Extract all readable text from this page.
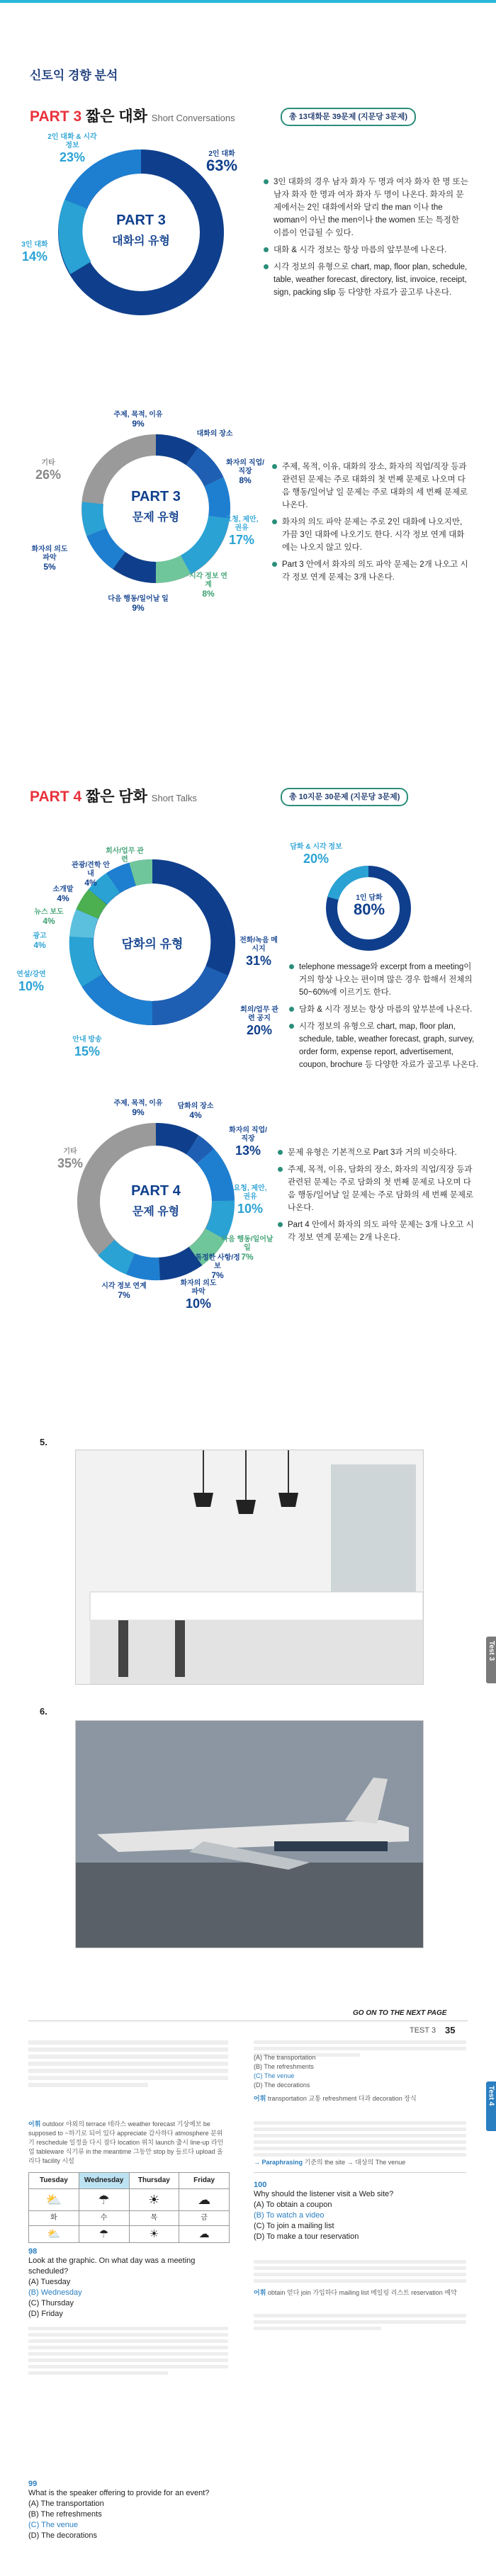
신토익 경향 분석
PART 3 짧은 대화 Short Conversations	총 13대화문 39문제 (지문당 3문제)
PART 3
대화의 유형
2인 대화
63%
2인 대화 & 시각 정보
23%
3인 대화
14%
3인 대화의 경우 남자 화자 두 명과 여자 화자 한 명 또는 남자 화자 한 명과 여자 화자 두 명이 나온다. 화자의 문제에서는 2인 대화에서와 달리 the man 이나 the woman이 아닌 the men이나 the women 또는 특정한 이름이 언급될 수 있다.
대화 & 시각 정보는 항상 마름의 앞부분에 나온다.
시각 정보의 유형으로 chart, map, floor plan, schedule, table, weather forecast, directory, list, invoice, receipt, sign, packing slip 등 다양한 자료가 골고루 나온다.
PART 3
문제 유형
주제, 목적, 이유
9%
대화의 장소
화자의 직업/직장
8%
요청, 제안, 권유
17%
화자의 의도 파악
5%
시각 정보 연계
8%
다음 행동/일어날 일
9%
기타
26%
주제, 목적, 이유, 대화의 장소, 화자의 직업/직장 등과 관련된 문제는 주로 대화의 첫 번째 문제로 나오며 다음 행동/일어날 일 문제는 주로 대화의 세 번째 문제로 나온다.
화자의 의도 파악 문제는 주로 2인 대화에 나오지만, 가끔 3인 대화에 나오기도 한다. 시각 정보 연계 대화에는 나오지 않고 있다.
Part 3 안에서 화자의 의도 파악 문제는 2개 나오고 시각 정보 연계 문제는 3개 나온다.
PART 4 짧은 담화 Short Talks	총 10지문 30문제 (지문당 3문제)
담화의 유형	전화/녹음 메시지
31%
회의/업무 관련 공지
20%
안내 방송
15%
연설/강연
10%
광고
4%
뉴스 보도
4%
소개말
4%
관광/견학 안내
4%
회사/업무 관련
담화 & 시각 정보
20%
1인 담화
80%
telephone message와 excerpt from a meeting이 거의 항상 나오는 편이며 많은 경우 합해서 전체의 50~60%에 이르기도 한다.
담화 & 시각 정보는 항상 마름의 앞부분에 나온다.
시각 정보의 유형으로 chart, map, floor plan, schedule, table, weather forecast, graph, survey, order form, expense report, advertisement, coupon, brochure 등 다양한 자료가 골고루 나온다.
PART 4
문제 유형
주제, 목적, 이유
9%
담화의 장소
4%
화자의 직업/직장
13%
요청, 제안, 권유
10%
다음 행동/일어날 일
7%
화자의 의도 파악
10%
시각 정보 연계
7%
특정한 사항/정보
7%
기타
35%
문제 유형은 기본적으로 Part 3과 거의 비슷하다.
주제, 목적, 이유, 담화의 장소, 화자의 직업/직장 등과 관련된 문제는 주로 담화의 첫 번째 문제로 나오며 다음 행동/일어날 일 문제는 주로 담화의 세 번째 문제로 나온다.
Part 4 안에서 화자의 의도 파악 문제는 3개 나오고 시각 정보 연계 문제는 2개 나온다.
5.
Test 3
6.
GO ON TO THE NEXT PAGE
TEST 3 35
Test 4
어휘 outdoor 야외의 terrace 테라스 weather forecast 기상예보 be supposed to ~하기로 되어 있다 appreciate 감사하다 atmosphere 분위기 reschedule 일정을 다시 잡다 location 위치 launch 출시 line-up 라인업 tableware 식기류 in the meantime 그동안 stop by 들르다 upload 올리다 facility 시설
Tuesday	Wednesday	Thursday	Friday
⛅	☂	☀	☁
화	수	목	금
⛅	☂	☀	☁
98
Look at the graphic. On what day was a meeting scheduled?
(A) Tuesday
(B) Wednesday
(C) Thursday
(D) Friday
99
What is the speaker offering to provide for an event?
(A) The transportation
(B) The refreshments
(C) The venue
(D) The decorations
(A) The transportation
(B) The refreshments
(C) The venue
(D) The decorations
어휘 transportation 교통 refreshment 다과 decoration 장식
→ Paraphrasing 기준의 the site → 대상의 The venue
100
Why should the listener visit a Web site?
(A) To obtain a coupon
(B) To watch a video
(C) To join a mailing list
(D) To make a tour reservation
어휘 obtain 얻다 join 가입하다 mailing list 메일링 리스트 reservation 예약
